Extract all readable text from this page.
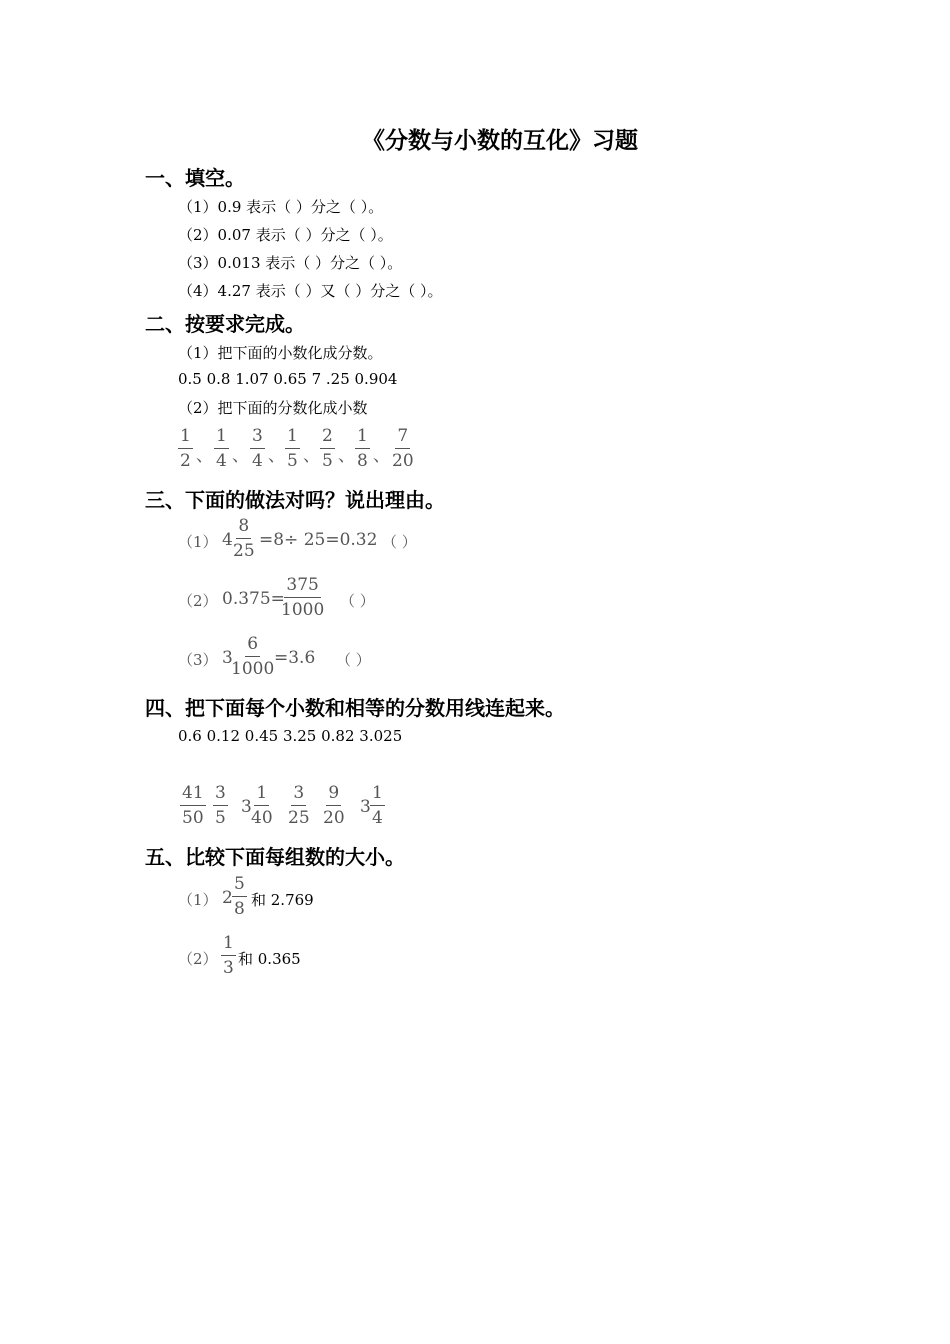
《分数与小数的互化》习题
一、填空。
（1）0.9 表示（ ）分之（ ）。
（2）0.07 表示（ ）分之（ ）。
（3）0.013 表示（ ）分之（ ）。
（4）4.27 表示（ ）又（ ）分之（ ）。
二、按要求完成。
（1）把下面的小数化成分数。
0.5 0.8 1.07 0.65 7 .25 0.904
（2）把下面的分数化成小数
$\frac{1}{2}$ 、 $\frac{1}{4}$ 、 $\frac{3}{4}$ 、 $\frac{1}{5}$ 、 $\frac{2}{5}$ 、 $\frac{1}{8}$ 、 $\frac{7}{20}$
三、下面的做法对吗？说出理由。
（1） $4 \frac{8}{25} =8\div 25=0.32$ （ ）
（2） 0.375=
$\frac{375}{1000}$ （ ）
（3） 3
$\frac{6}{1000} =3.6$ （ ）
四、把下面每个小数和相等的分数用线连起来。
0.6 0.12 0.45 3.25 0.82 3.025
$\frac{41}{50} \frac{3}{5} 3 \frac{1}{40} \frac{3}{25} \frac{9}{20} 3 \frac{1}{4}$
五、比较下面每组数的大小。
（1） $2 \frac{5}{8}$ 和 2.769
$(2) \frac{1}{3}$ 和 0.365
